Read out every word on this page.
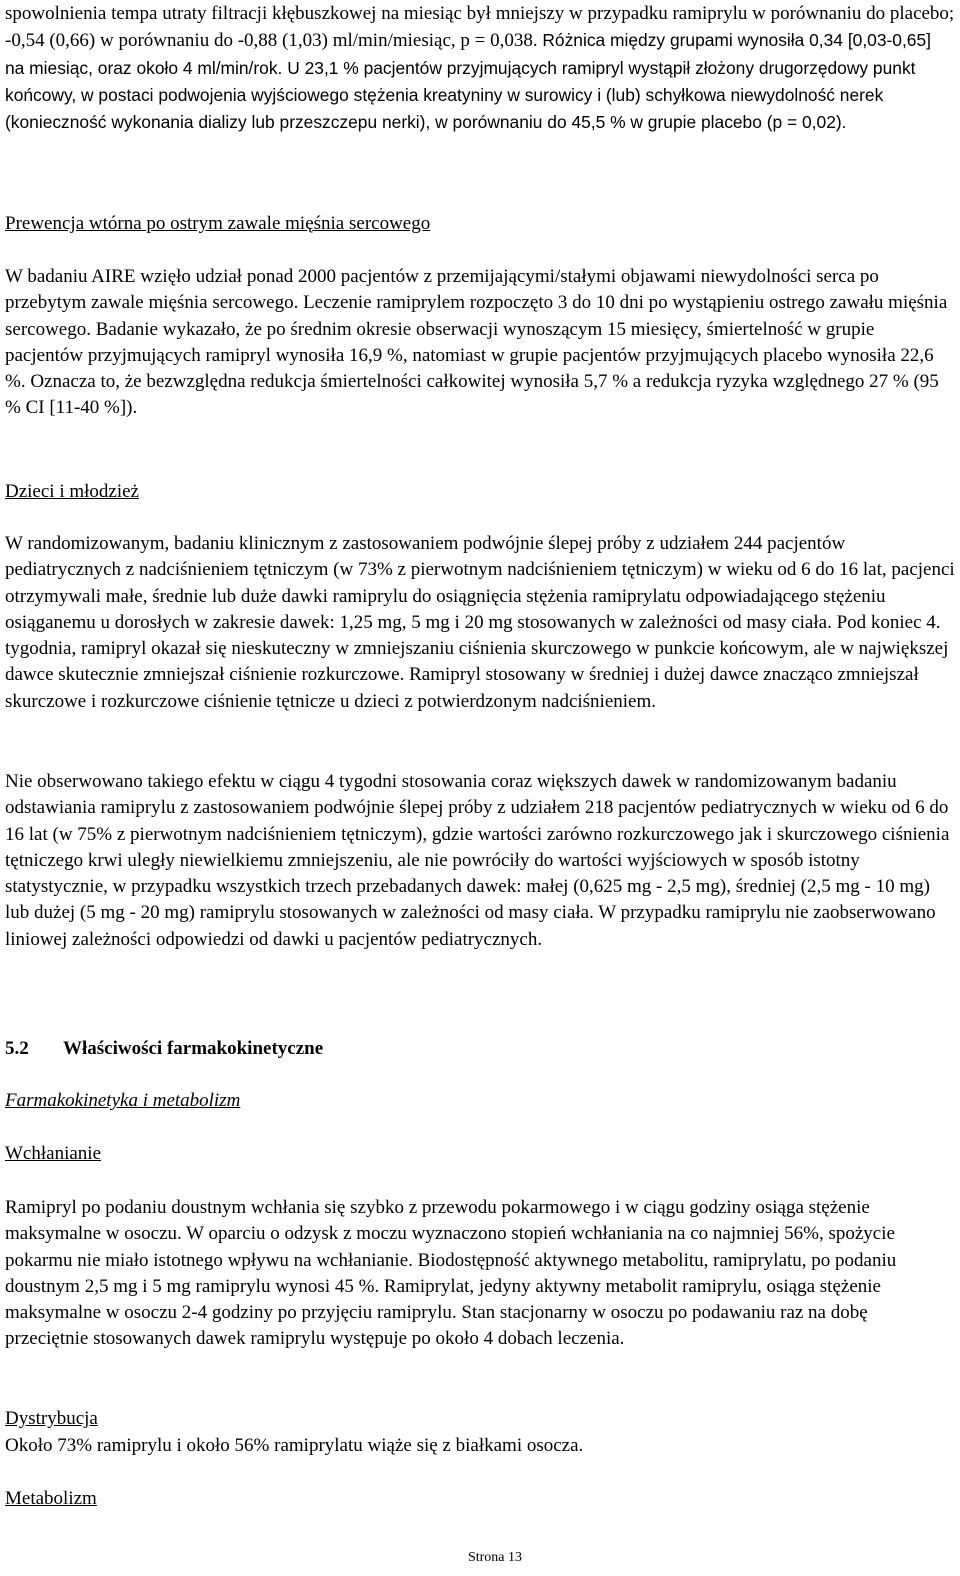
spowolnienia tempa utraty filtracji kłębuszkowej na miesiąc był mniejszy w przypadku ramiprylu w porównaniu do placebo; -0,54 (0,66) w porównaniu do -0,88 (1,03) ml/min/miesiąc, p = 0,038. Różnica między grupami wynosiła 0,34 [0,03-0,65] na miesiąc, oraz około 4 ml/min/rok. U 23,1 % pacjentów przyjmujących ramipryl wystąpił złożony drugorzędowy punkt końcowy, w postaci podwojenia wyjściowego stężenia kreatyniny w surowicy i (lub) schyłkowa niewydolność nerek (konieczność wykonania dializy lub przeszczepu nerki), w porównaniu do 45,5 % w grupie placebo (p = 0,02).

Prewencja wtórna po ostrym zawale mięśnia sercowego

W badaniu AIRE wzięło udział ponad 2000 pacjentów z przemijającymi/stałymi objawami niewydolności serca po przebytym zawale mięśnia sercowego. Leczenie ramiprylem rozpoczęto 3 do 10 dni po wystąpieniu ostrego zawału mięśnia sercowego. Badanie wykazało, że po średnim okresie obserwacji wynoszącym 15 miesięcy, śmiertelność w grupie pacjentów przyjmujących ramipryl wynosiła 16,9 %, natomiast w grupie pacjentów przyjmujących placebo wynosiła 22,6 %. Oznacza to, że bezwzględna redukcja śmiertelności całkowitej wynosiła 5,7 % a redukcja ryzyka względnego 27 % (95 % CI [11-40 %]).

Dzieci i młodzież

W randomizowanym, badaniu klinicznym z zastosowaniem podwójnie ślepej próby z udziałem 244 pacjentów pediatrycznych z nadciśnieniem tętniczym (w 73% z pierwotnym nadciśnieniem tętniczym) w wieku od 6 do 16 lat, pacjenci otrzymywali małe, średnie lub duże dawki ramiprylu do osiągnięcia stężenia ramiprylatu odpowiadającego stężeniu osiąganemu u dorosłych w zakresie dawek: 1,25 mg, 5 mg i 20 mg stosowanych w zależności od masy ciała. Pod koniec 4. tygodnia, ramipryl okazał się nieskuteczny w zmniejszaniu ciśnienia skurczowego w punkcie końcowym, ale w największej dawce skutecznie zmniejszał ciśnienie rozkurczowe. Ramipryl stosowany w średniej i dużej dawce znacząco zmniejszał skurczowe i rozkurczowe ciśnienie tętnicze u dzieci z potwierdzonym nadciśnieniem.

Nie obserwowano takiego efektu w ciągu 4 tygodni stosowania coraz większych dawek w randomizowanym badaniu odstawiania ramiprylu z zastosowaniem podwójnie ślepej próby z udziałem 218 pacjentów pediatrycznych w wieku od 6 do 16 lat (w 75% z pierwotnym nadciśnieniem tętniczym), gdzie wartości zarówno rozkurczowego jak i skurczowego ciśnienia tętniczego krwi uległy niewielkiemu zmniejszeniu, ale nie powróciły do wartości wyjściowych w sposób istotny statystycznie, w przypadku wszystkich trzech przebadanych dawek: małej (0,625 mg - 2,5 mg), średniej (2,5 mg - 10 mg) lub dużej (5 mg - 20 mg) ramiprylu stosowanych w zależności od masy ciała. W przypadku ramiprylu nie zaobserwowano liniowej zależności odpowiedzi od dawki u pacjentów pediatrycznych.

5.2 Właściwości farmakokinetyczne

Farmakokinetyka i metabolizm

Wchłanianie

Ramipryl po podaniu doustnym wchłania się szybko z przewodu pokarmowego i w ciągu godziny osiąga stężenie maksymalne w osoczu. W oparciu o odzysk z moczu wyznaczono stopień wchłaniania na co najmniej 56%, spożycie pokarmu nie miało istotnego wpływu na wchłanianie. Biodostępność aktywnego metabolitu, ramiprylatu, po podaniu doustnym 2,5 mg i 5 mg ramiprylu wynosi 45 %. Ramiprylat, jedyny aktywny metabolit ramiprylu, osiąga stężenie maksymalne w osoczu 2-4 godziny po przyjęciu ramiprylu. Stan stacjonarny w osoczu po podawaniu raz na dobę przeciętnie stosowanych dawek ramiprylu występuje po około 4 dobach leczenia.

Dystrybucja

Około 73% ramiprylu i około 56% ramiprylatu wiąże się z białkami osocza.

Metabolizm

Strona 13
